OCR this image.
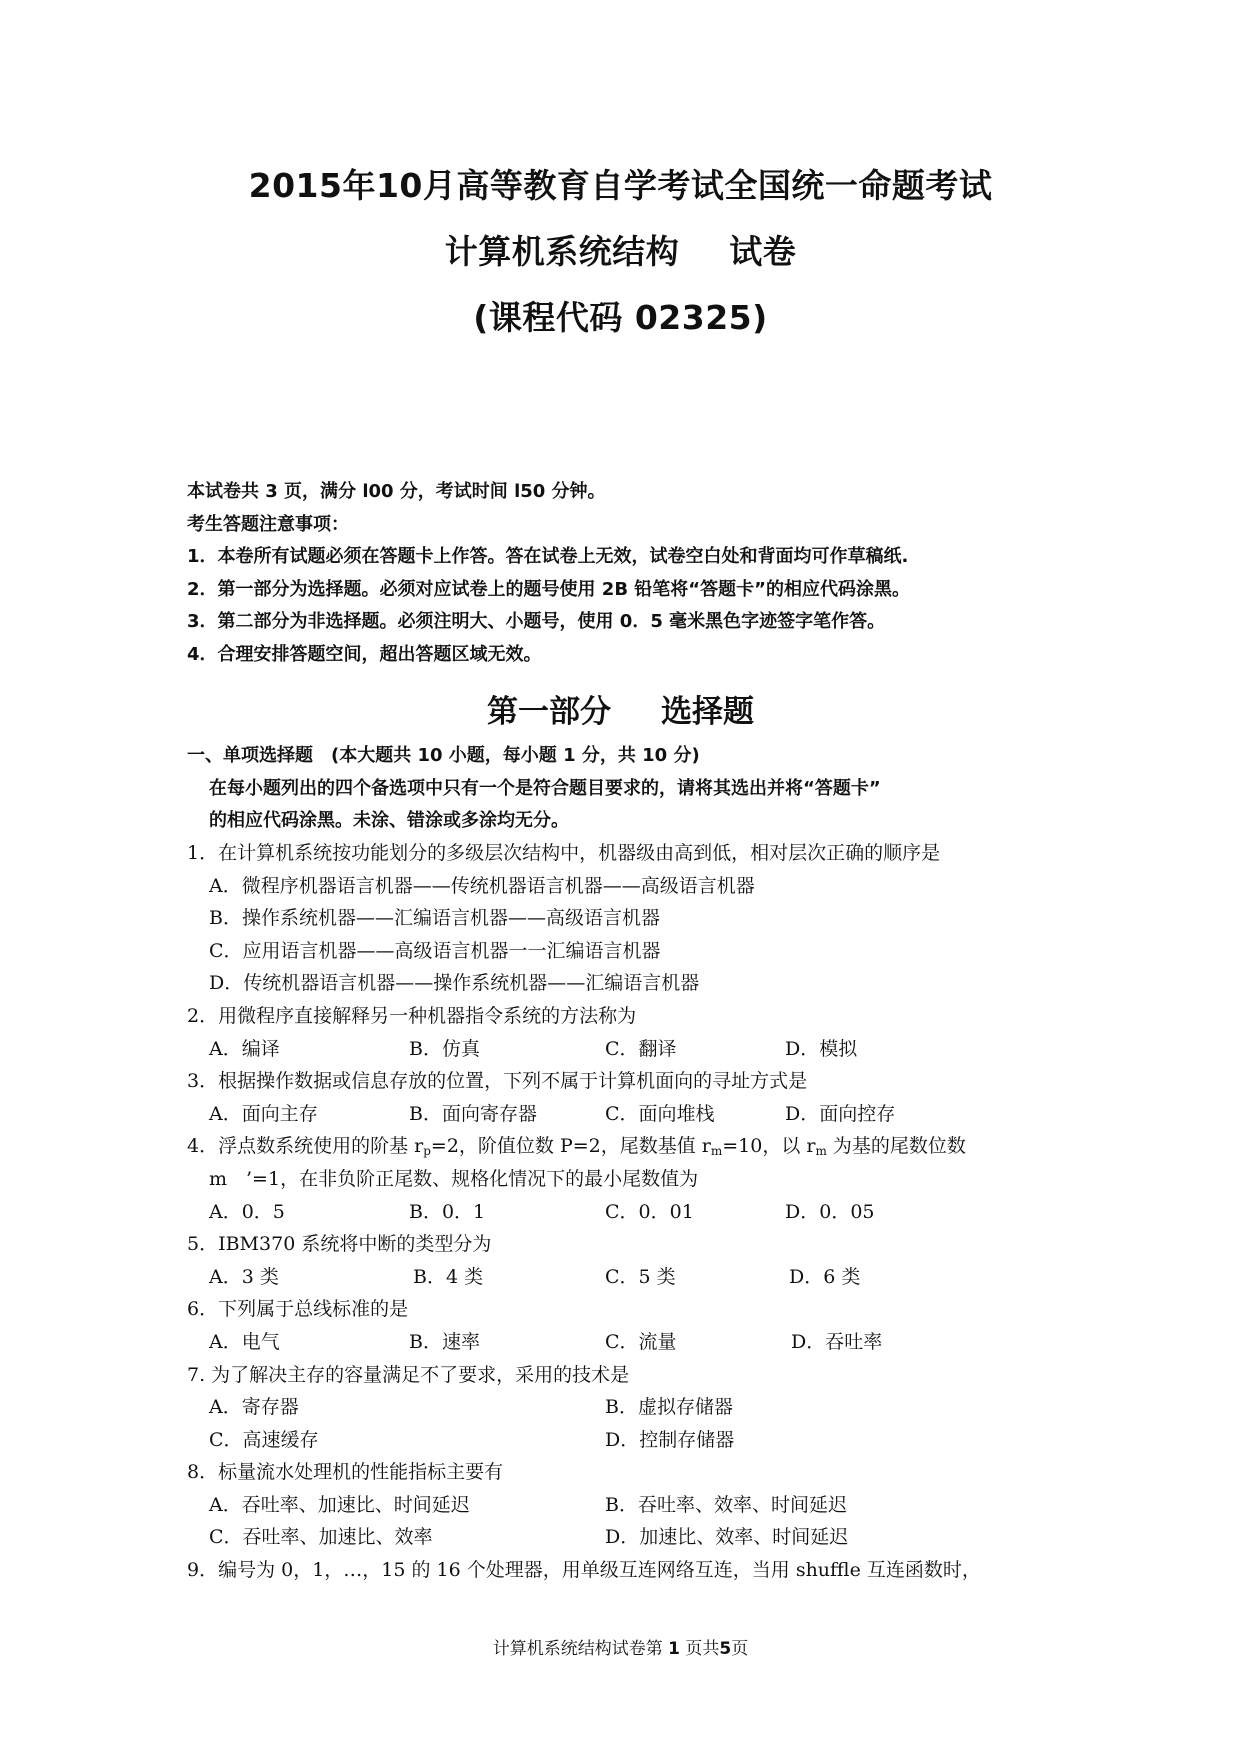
2015年10月高等教育自学考试全国统一命题考试
计算机系统结构 试卷
(课程代码 02325)
本试卷共 3 页，满分 l00 分，考试时间 l50 分钟。
考生答题注意事项：
1．本卷所有试题必须在答题卡上作答。答在试卷上无效，试卷空白处和背面均可作草稿纸.
2．第一部分为选择题。必须对应试卷上的题号使用 2B 铅笔将“答题卡”的相应代码涂黑。
3．第二部分为非选择题。必须注明大、小题号，使用 0．5 毫米黑色字迹签字笔作答。
4．合理安排答题空间，超出答题区域无效。
第一部分 选择题
一、单项选择题　(本大题共 10 小题，每小题 1 分，共 10 分)
在每小题列出的四个备选项中只有一个是符合题目要求的，请将其选出并将“答题卡”
的相应代码涂黑。未涂、错涂或多涂均无分。
1．在计算机系统按功能划分的多级层次结构中，机器级由高到低，相对层次正确的顺序是
A．微程序机器语言机器——传统机器语言机器——高级语言机器
B．操作系统机器——汇编语言机器——高级语言机器
C．应用语言机器——高级语言机器一一汇编语言机器
D．传统机器语言机器——操作系统机器——汇编语言机器
2．用微程序直接解释另一种机器指令系统的方法称为
A．编译	B．仿真	C．翻译	D．模拟
3．根据操作数据或信息存放的位置，下列不属于计算机面向的寻址方式是
A．面向主存	B．面向寄存器	C．面向堆栈	D．面向控存
4．浮点数系统使用的阶基 $r_p=2$，阶值位数 P=2，尾数基值 $r_m=10$，以 $r_m$ 为基的尾数位数
m　’=1，在非负阶正尾数、规格化情况下的最小尾数值为
A．0．5	B．0．1	C．0．01	D．0．05
5．IBM370 系统将中断的类型分为
A．3 类	B．4 类	C．5 类	D．6 类
6．下列属于总线标准的是
A．电气	B．速率	C．流量	D．吞吐率
7. 为了解决主存的容量满足不了要求，采用的技术是
A．寄存器	B．虚拟存储器
C．高速缓存	D．控制存储器
8．标量流水处理机的性能指标主要有
A．吞吐率、加速比、时间延迟	B．吞吐率、效率、时间延迟
C．吞吐率、加速比、效率	D．加速比、效率、时间延迟
9．编号为 0，1，…，15 的 16 个处理器，用单级互连网络互连，当用 shuffle 互连函数时，
计算机系统结构试卷第 1 页共5页
